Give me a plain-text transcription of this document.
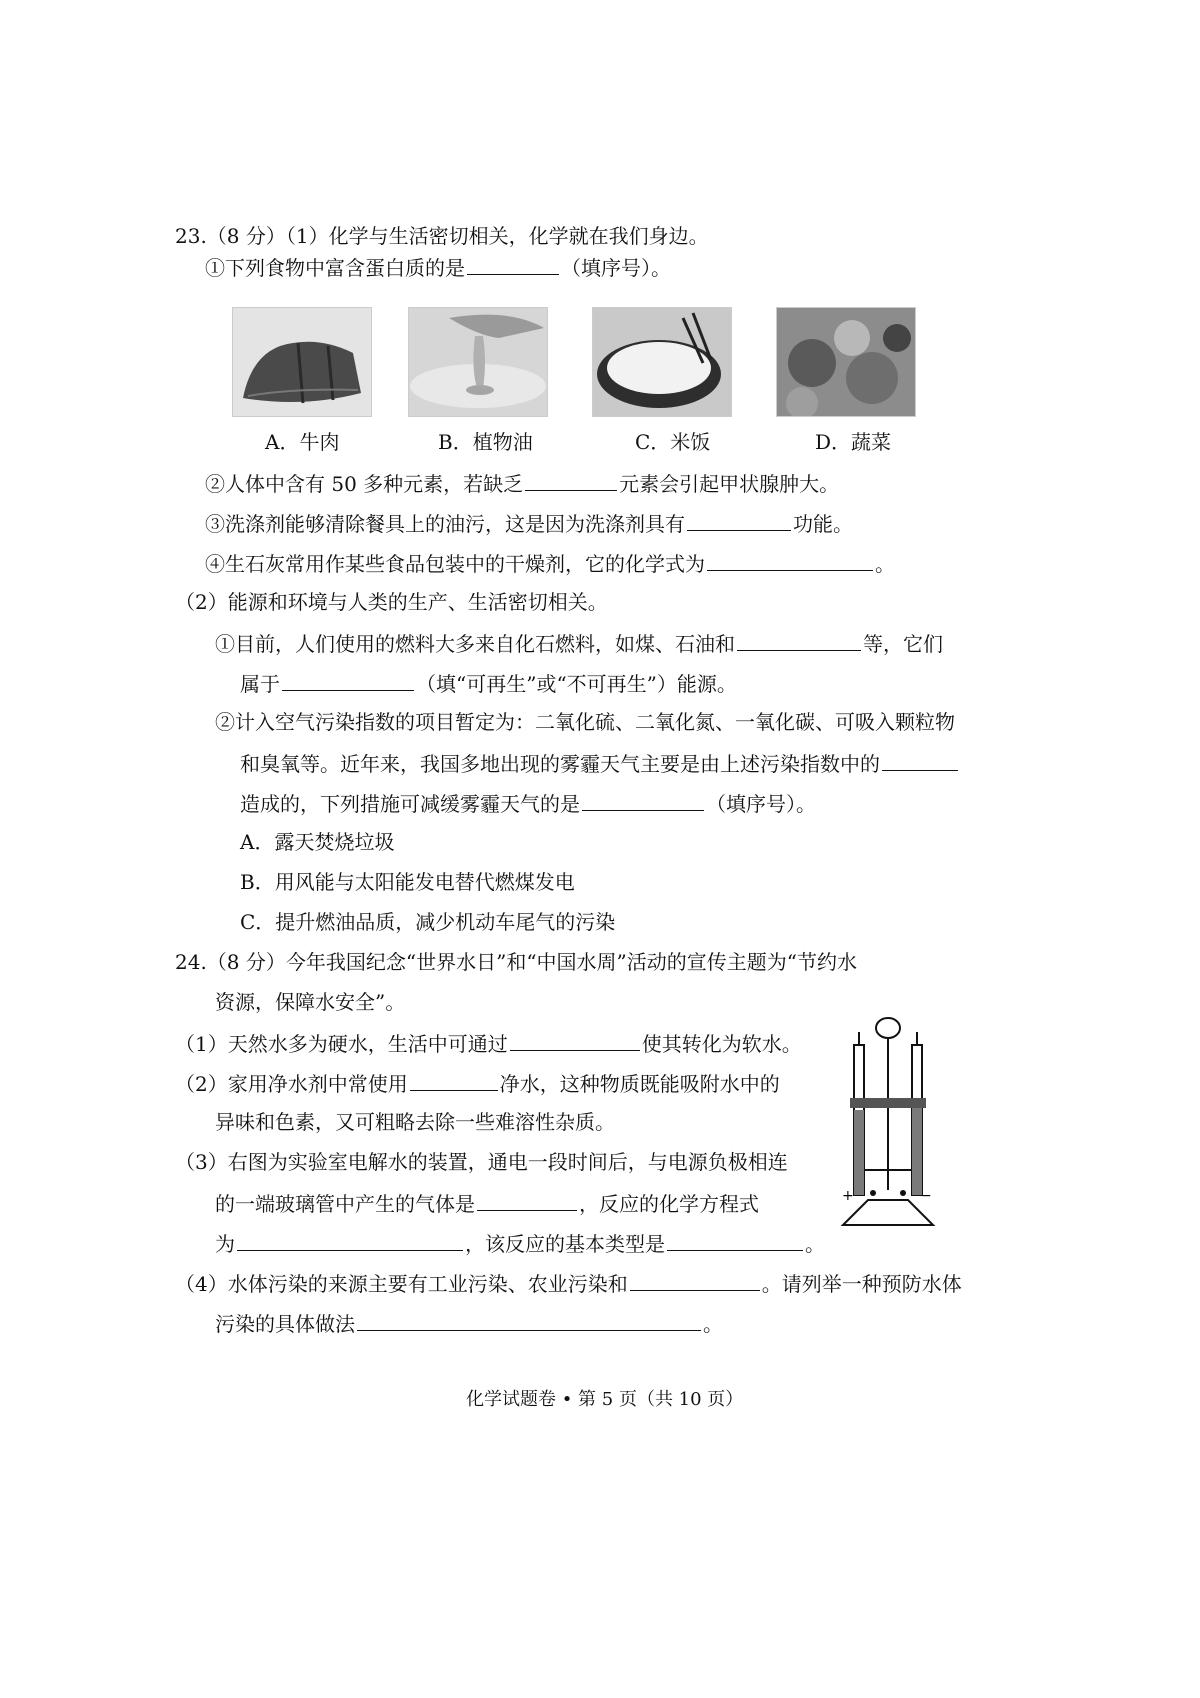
23.（8 分）（1）化学与生活密切相关，化学就在我们身边。
①下列食物中富含蛋白质的是	（填序号）。
A．牛肉	B．植物油	C．米饭	D．蔬菜
②人体中含有 50 多种元素，若缺乏	元素会引起甲状腺肿大。
③洗涤剂能够清除餐具上的油污，这是因为洗涤剂具有	功能。
④生石灰常用作某些食品包装中的干燥剂，它的化学式为	。
（2）能源和环境与人类的生产、生活密切相关。
①目前，人们使用的燃料大多来自化石燃料，如煤、石油和	等，它们
属于	（填“可再生”或“不可再生”）能源。
②计入空气污染指数的项目暂定为：二氧化硫、二氧化氮、一氧化碳、可吸入颗粒物
和臭氧等。近年来，我国多地出现的雾霾天气主要是由上述污染指数中的
造成的，下列措施可减缓雾霾天气的是	（填序号）。
A．露天焚烧垃圾
B．用风能与太阳能发电替代燃煤发电
C．提升燃油品质，减少机动车尾气的污染
24.（8 分）今年我国纪念“世界水日”和“中国水周”活动的宣传主题为“节约水
资源，保障水安全”。
（1）天然水多为硬水，生活中可通过	使其转化为软水。
（2）家用净水剂中常使用	净水，这种物质既能吸附水中的
异味和色素，又可粗略去除一些难溶性杂质。
（3）右图为实验室电解水的装置，通电一段时间后，与电源负极相连
的一端玻璃管中产生的气体是	，反应的化学方程式
为	，该反应的基本类型是	。
（4）水体污染的来源主要有工业污染、农业污染和	。请列举一种预防水体
污染的具体做法	。
+	−
化学试题卷 • 第 5 页（共 10 页）
